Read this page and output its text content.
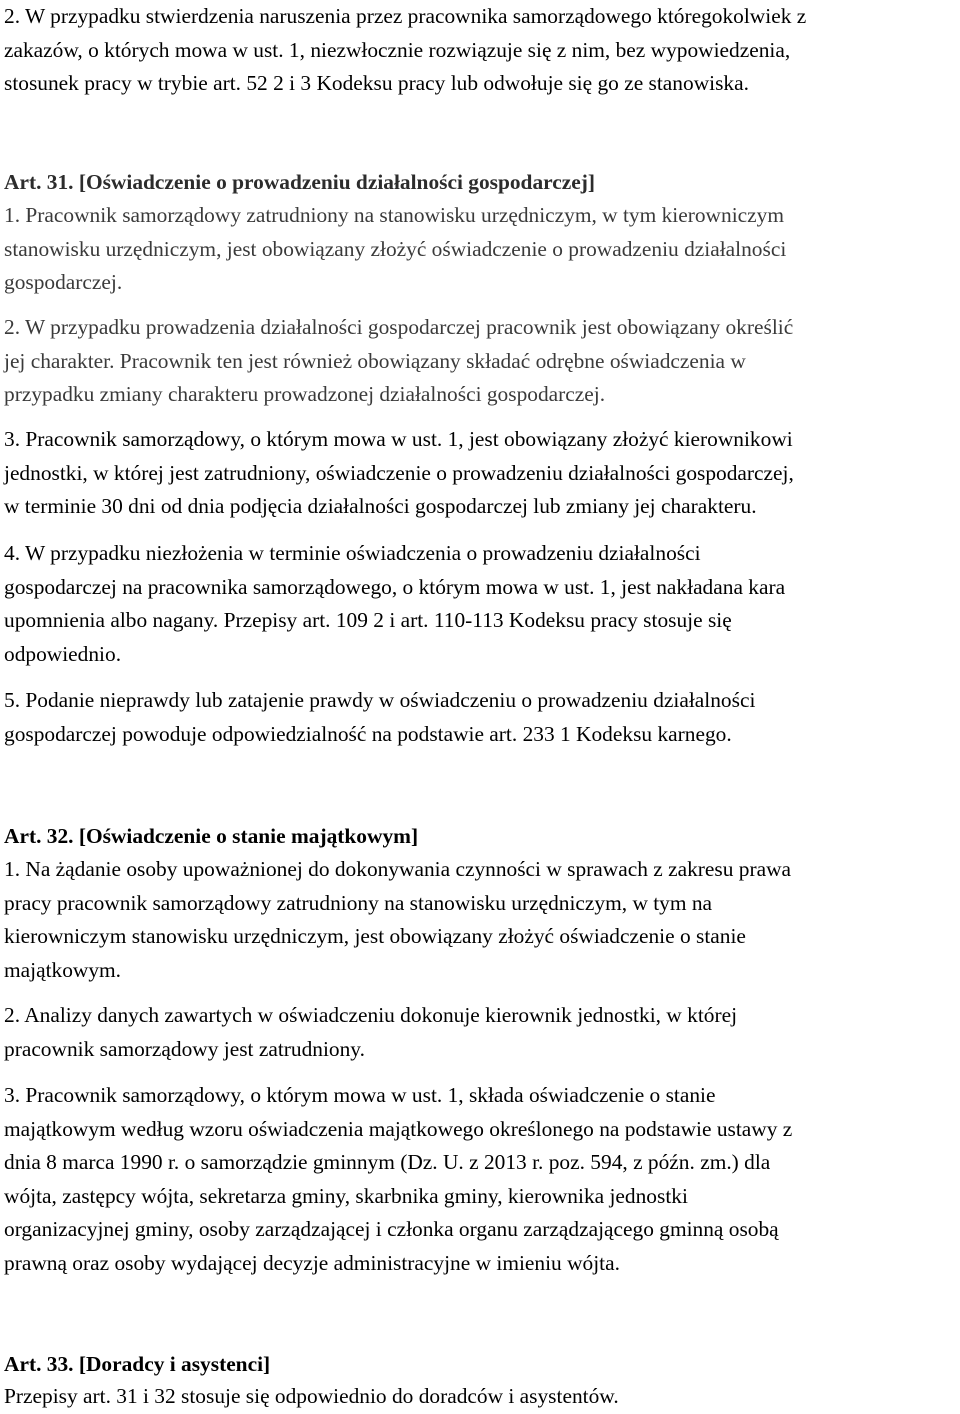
2. W przypadku stwierdzenia naruszenia przez pracownika samorządowego któregokolwiek z
zakazów, o których mowa w ust. 1, niezwłocznie rozwiązuje się z nim, bez wypowiedzenia,
stosunek pracy w trybie art. 52 2 i 3 Kodeksu pracy lub odwołuje się go ze stanowiska.

Art. 31. [Oświadczenie o prowadzeniu działalności gospodarczej]

1. Pracownik samorządowy zatrudniony na stanowisku urzędniczym, w tym kierowniczym
stanowisku urzędniczym, jest obowiązany złożyć oświadczenie o prowadzeniu działalności
gospodarczej.

2. W przypadku prowadzenia działalności gospodarczej pracownik jest obowiązany określić
jej charakter. Pracownik ten jest również obowiązany składać odrębne oświadczenia w
przypadku zmiany charakteru prowadzonej działalności gospodarczej.

3. Pracownik samorządowy, o którym mowa w ust. 1, jest obowiązany złożyć kierownikowi
jednostki, w której jest zatrudniony, oświadczenie o prowadzeniu działalności gospodarczej,
w terminie 30 dni od dnia podjęcia działalności gospodarczej lub zmiany jej charakteru.

4. W przypadku niezłożenia w terminie oświadczenia o prowadzeniu działalności
gospodarczej na pracownika samorządowego, o którym mowa w ust. 1, jest nakładana kara
upomnienia albo nagany. Przepisy art. 109 2 i art. 110-113 Kodeksu pracy stosuje się
odpowiednio.

5. Podanie nieprawdy lub zatajenie prawdy w oświadczeniu o prowadzeniu działalności
gospodarczej powoduje odpowiedzialność na podstawie art. 233 1 Kodeksu karnego.

Art. 32. [Oświadczenie o stanie majątkowym]

1. Na żądanie osoby upoważnionej do dokonywania czynności w sprawach z zakresu prawa
pracy pracownik samorządowy zatrudniony na stanowisku urzędniczym, w tym na
kierowniczym stanowisku urzędniczym, jest obowiązany złożyć oświadczenie o stanie
majątkowym.

2. Analizy danych zawartych w oświadczeniu dokonuje kierownik jednostki, w której
pracownik samorządowy jest zatrudniony.

3. Pracownik samorządowy, o którym mowa w ust. 1, składa oświadczenie o stanie
majątkowym według wzoru oświadczenia majątkowego określonego na podstawie ustawy z
dnia 8 marca 1990 r. o samorządzie gminnym (Dz. U. z 2013 r. poz. 594, z późn. zm.) dla
wójta, zastępcy wójta, sekretarza gminy, skarbnika gminy, kierownika jednostki
organizacyjnej gminy, osoby zarządzającej i członka organu zarządzającego gminną osobą
prawną oraz osoby wydającej decyzje administracyjne w imieniu wójta.

Art. 33. [Doradcy i asystenci]

Przepisy art. 31 i 32 stosuje się odpowiednio do doradców i asystentów.
